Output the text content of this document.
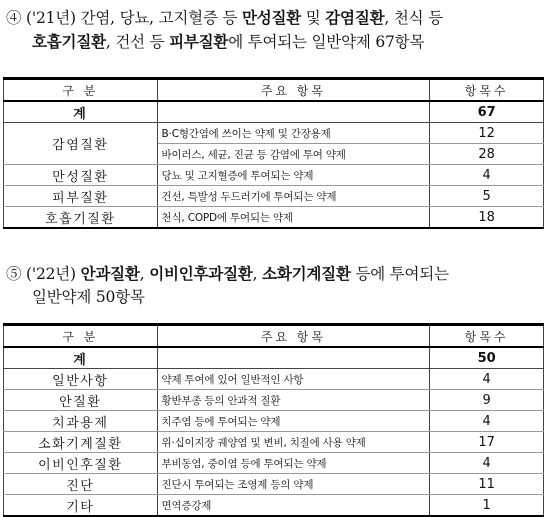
④ ('21년) 간염, 당뇨, 고지혈증 등 만성질환 및 감염질환, 천식 등
호흡기질환, 건선 등 피부질환에 투여되는 일반약제 67항목
구 분	주요 항목	항목수
계		67
감염질환	B·C형간염에 쓰이는 약제 및 간장용제	12
	바이러스, 세균, 진균 등 감염에 투여 약제	28
만성질환	당뇨 및 고지혈증에 투여되는 약제	4
피부질환	건선, 특발성 두드러기에 투여되는 약제	5
호흡기질환	천식, COPD에 투여되는 약제	18
⑤ ('22년) 안과질환, 이비인후과질환, 소화기계질환 등에 투여되는
일반약제 50항목
구 분	주요 항목	항목수
계		50
일반사항	약제 투여에 있어 일반적인 사항	4
안질환	황반부종 등의 안과적 질환	9
치과용제	치주염 등에 투여되는 약제	4
소화기계질환	위·십이지장 궤양염 및 변비, 치질에 사용 약제	17
이비인후질환	부비동염, 중이염 등에 투여되는 약제	4
진단	진단시 투여되는 조영제 등의 약제	11
기타	면역증강제	1
